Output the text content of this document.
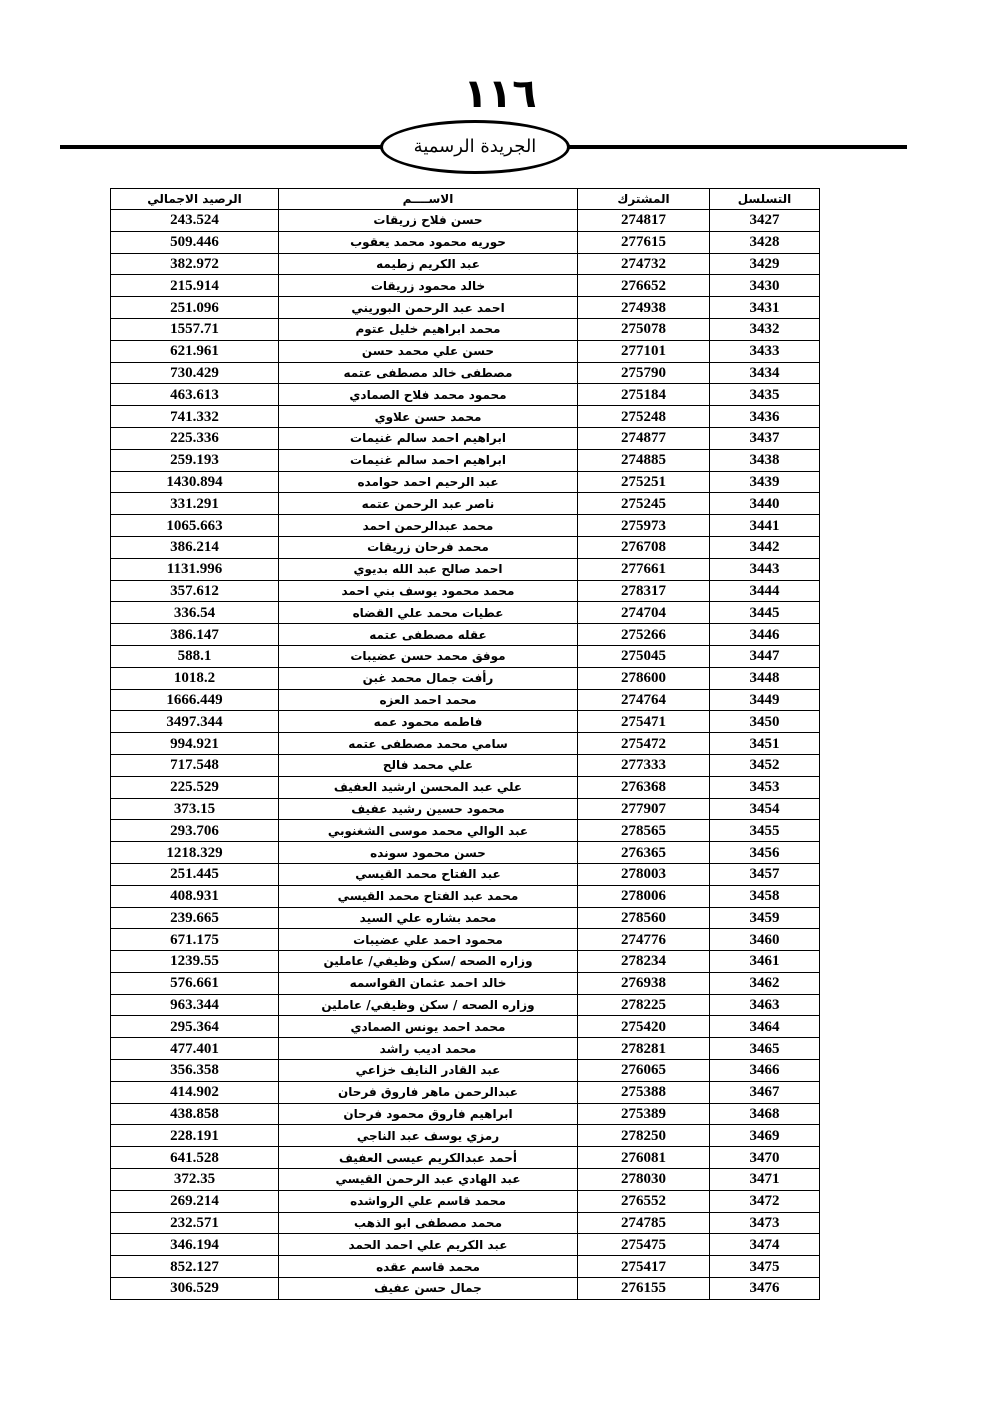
١١٦
الجريدة الرسمية
الرصيد الاجمالي	الاســــم	المشترك	التسلسل
243.524	حسن فلاح زريقات	274817	3427
509.446	حوريه محمود محمد يعقوب	277615	3428
382.972	عبد الكريم زطيمه	274732	3429
215.914	خالد محمود زريقات	276652	3430
251.096	احمد عبد الرحمن البوريني	274938	3431
1557.71	محمد ابراهيم خليل عتوم	275078	3432
621.961	حسن علي محمد حسن	277101	3433
730.429	مصطفى خالد مصطفى عتمه	275790	3434
463.613	محمود محمد فلاح الصمادي	275184	3435
741.332	محمد حسن علاوي	275248	3436
225.336	ابراهيم احمد سالم غنيمات	274877	3437
259.193	ابراهيم احمد سالم غنيمات	274885	3438
1430.894	عبد الرحيم احمد حوامده	275251	3439
331.291	ناصر عبد الرحمن عتمه	275245	3440
1065.663	محمد عبدالرحمن احمد	275973	3441
386.214	محمد فرحان زريقات	276708	3442
1131.996	احمد صالح عبد الله بديوي	277661	3443
357.612	محمد محمود يوسف بني احمد	278317	3444
336.54	عطيات محمد علي القضاه	274704	3445
386.147	عقله مصطفى عتمه	275266	3446
588.1	موفق محمد حسن عضيبات	275045	3447
1018.2	رأفت جمال محمد غبن	278600	3448
1666.449	محمد احمد العزه	274764	3449
3497.344	فاطمه محمود عمه	275471	3450
994.921	سامي محمد مصطفى عتمه	275472	3451
717.548	علي محمد فالح	277333	3452
225.529	علي عبد المحسن ارشيد العفيف	276368	3453
373.15	محمود حسين رشيد عفيف	277907	3454
293.706	عبد الوالي محمد موسى الشغنوبي	278565	3455
1218.329	حسن محمود سونده	276365	3456
251.445	عبد الفتاح محمد القيسي	278003	3457
408.931	محمد عبد الفتاح محمد القيسي	278006	3458
239.665	محمد بشاره علي السيد	278560	3459
671.175	محمود احمد علي عضيبات	274776	3460
1239.55	وزاره الصحه /سكن وظيفي/ عاملين	278234	3461
576.661	خالد احمد عثمان القواسمه	276938	3462
963.344	وزاره الصحه / سكن وظيفي/ عاملين	278225	3463
295.364	محمد احمد يونس الصمادي	275420	3464
477.401	محمد اديب راشد	278281	3465
356.358	عبد القادر النايف خزاعي	276065	3466
414.902	عبدالرحمن ماهر فاروق فرحان	275388	3467
438.858	ابراهيم فاروق محمود فرحان	275389	3468
228.191	رمزي يوسف عبد الناجي	278250	3469
641.528	أحمد عبدالكريم عيسى العفيف	276081	3470
372.35	عبد الهادي عبد الرحمن القيسي	278030	3471
269.214	محمد قاسم علي الرواشده	276552	3472
232.571	محمد مصطفى ابو الذهب	274785	3473
346.194	عبد الكريم علي احمد الحمد	275475	3474
852.127	محمد قاسم عقده	275417	3475
306.529	جمال حسن عفيف	276155	3476
